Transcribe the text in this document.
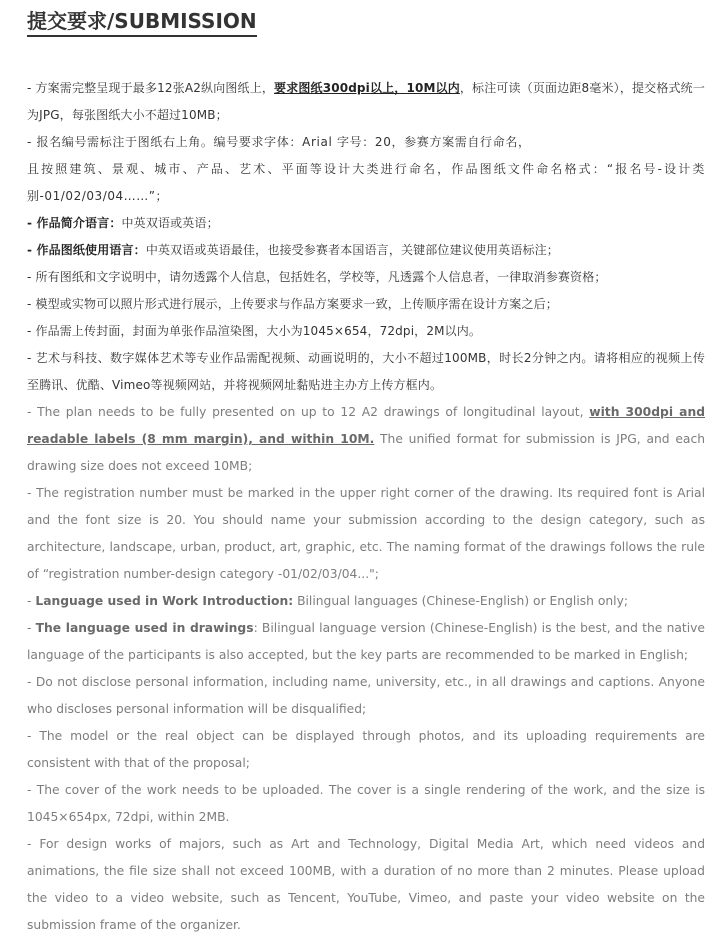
提交要求/SUBMISSION

- 方案需完整呈现于最多12张A2纵向图纸上，要求图纸300dpi以上，10M以内，标注可读（页面边距8毫米），提交格式统一为JPG，每张图纸大小不超过10MB；

- 报名编号需标注于图纸右上角。编号要求字体：Arial 字号：20，参赛方案需自行命名，

且按照建筑、景观、城市、产品、艺术、平面等设计大类进行命名，作品图纸文件命名格式：“报名号-设计类别-01/02/03/04……”；

- 作品简介语言：中英双语或英语；

- 作品图纸使用语言：中英双语或英语最佳，也接受参赛者本国语言，关键部位建议使用英语标注；

- 所有图纸和文字说明中，请勿透露个人信息，包括姓名，学校等，凡透露个人信息者，一律取消参赛资格；

- 模型或实物可以照片形式进行展示，上传要求与作品方案要求一致，上传顺序需在设计方案之后；

- 作品需上传封面，封面为单张作品渲染图，大小为1045×654，72dpi，2M以内。

- 艺术与科技、数字媒体艺术等专业作品需配视频、动画说明的，大小不超过100MB，时长2分钟之内。请将相应的视频上传至腾讯、优酷、Vimeo等视频网站，并将视频网址黏贴进主办方上传方框内。

- The plan needs to be fully presented on up to 12 A2 drawings of longitudinal layout, with 300dpi and readable labels (8 mm margin), and within 10M. The unified format for submission is JPG, and each drawing size does not exceed 10MB;

- The registration number must be marked in the upper right corner of the drawing. Its required font is Arial and the font size is 20. You should name your submission according to the design category, such as architecture, landscape, urban, product, art, graphic, etc. The naming format of the drawings follows the rule of “registration number-design category -01/02/03/04...";

- Language used in Work Introduction: Bilingual languages (Chinese-English) or English only;

- The language used in drawings: Bilingual language version (Chinese-English) is the best, and the native language of the participants is also accepted, but the key parts are recommended to be marked in English;

- Do not disclose personal information, including name, university, etc., in all drawings and captions. Anyone who discloses personal information will be disqualified;

- The model or the real object can be displayed through photos, and its uploading requirements are consistent with that of the proposal;

- The cover of the work needs to be uploaded. The cover is a single rendering of the work, and the size is 1045×654px, 72dpi, within 2MB.

- For design works of majors, such as Art and Technology, Digital Media Art, which need videos and animations, the file size shall not exceed 100MB, with a duration of no more than 2 minutes. Please upload the video to a video website, such as Tencent, YouTube, Vimeo, and paste your video website on the submission frame of the organizer.
